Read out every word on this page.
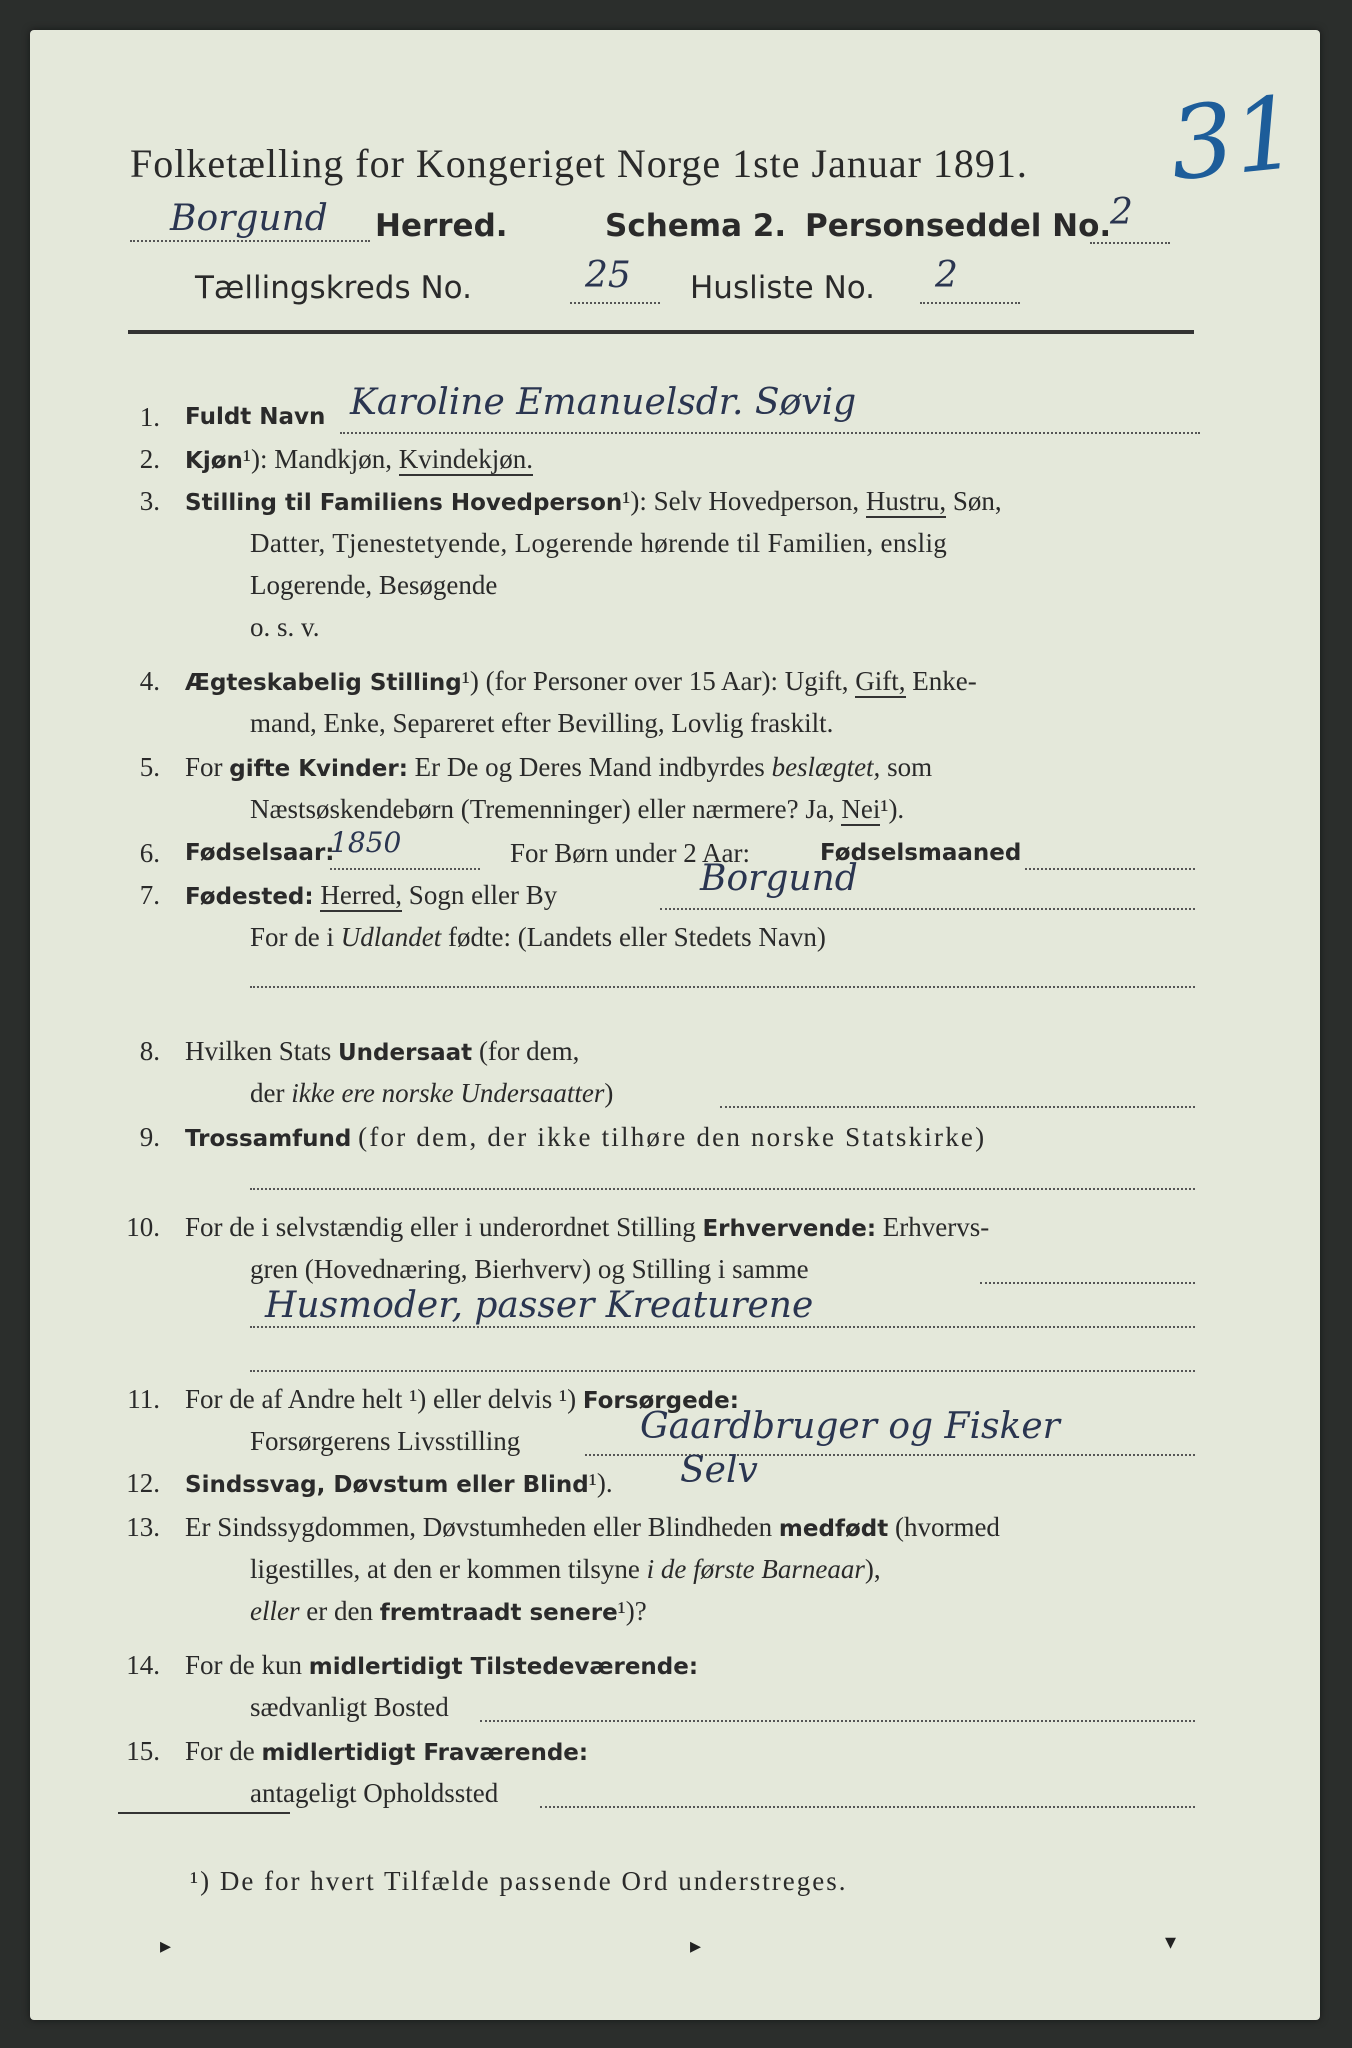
Folketælling for Kongeriget Norge 1ste Januar 1891. 31
Borgund Herred.	Schema 2. Personseddel No.
2
Tællingskreds No.	25 Husliste No. 2
1. Fuldt Navn Karoline Emanuelsdr. Søvig
2. Kjøn¹): Mandkjøn, Kvindekjøn.
3. Stilling til Familiens Hovedperson¹): Selv Hovedperson, Hustru, Søn,
Datter, Tjenestetyende, Logerende hørende til Familien, enslig
Logerende, Besøgende
o. s. v.
4. Ægteskabelig Stilling¹) (for Personer over 15 Aar): Ugift, Gift, Enke-
mand, Enke, Separeret efter Bevilling, Lovlig fraskilt.
5. For gifte Kvinder: Er De og Deres Mand indbyrdes beslægtet, som
Næstsøskendebørn (Tremenninger) eller nærmere? Ja, Nei¹).
6. Fødselsaar:
1850	For Børn under 2 Aar:	Fødselsmaaned
7. Fødested: Herred, Sogn eller By	Borgund
For de i Udlandet fødte: (Landets eller Stedets Navn)
8. Hvilken Stats Undersaat (for dem,
der ikke ere norske Undersaatter)
9. Trossamfund (for dem, der ikke tilhøre den norske Statskirke)
10. For de i selvstændig eller i underordnet Stilling Erhvervende: Erhvervs-
gren (Hovednæring, Bierhverv) og Stilling i samme
Husmoder, passer Kreaturene
11. For de af Andre helt ¹) eller delvis ¹) Forsørgede:
Forsørgerens Livsstilling	Gaardbruger og Fisker
12. Sindssvag, Døvstum eller Blind¹). Selv
13. Er Sindssygdommen, Døvstumheden eller Blindheden medfødt (hvormed
ligestilles, at den er kommen tilsyne i de første Barneaar),
eller er den fremtraadt senere¹)?
14. For de kun midlertidigt Tilstedeværende:
sædvanligt Bosted
15. For de midlertidigt Fraværende:
antageligt Opholdssted
¹) De for hvert Tilfælde passende Ord understreges.
▸	▸	▾
